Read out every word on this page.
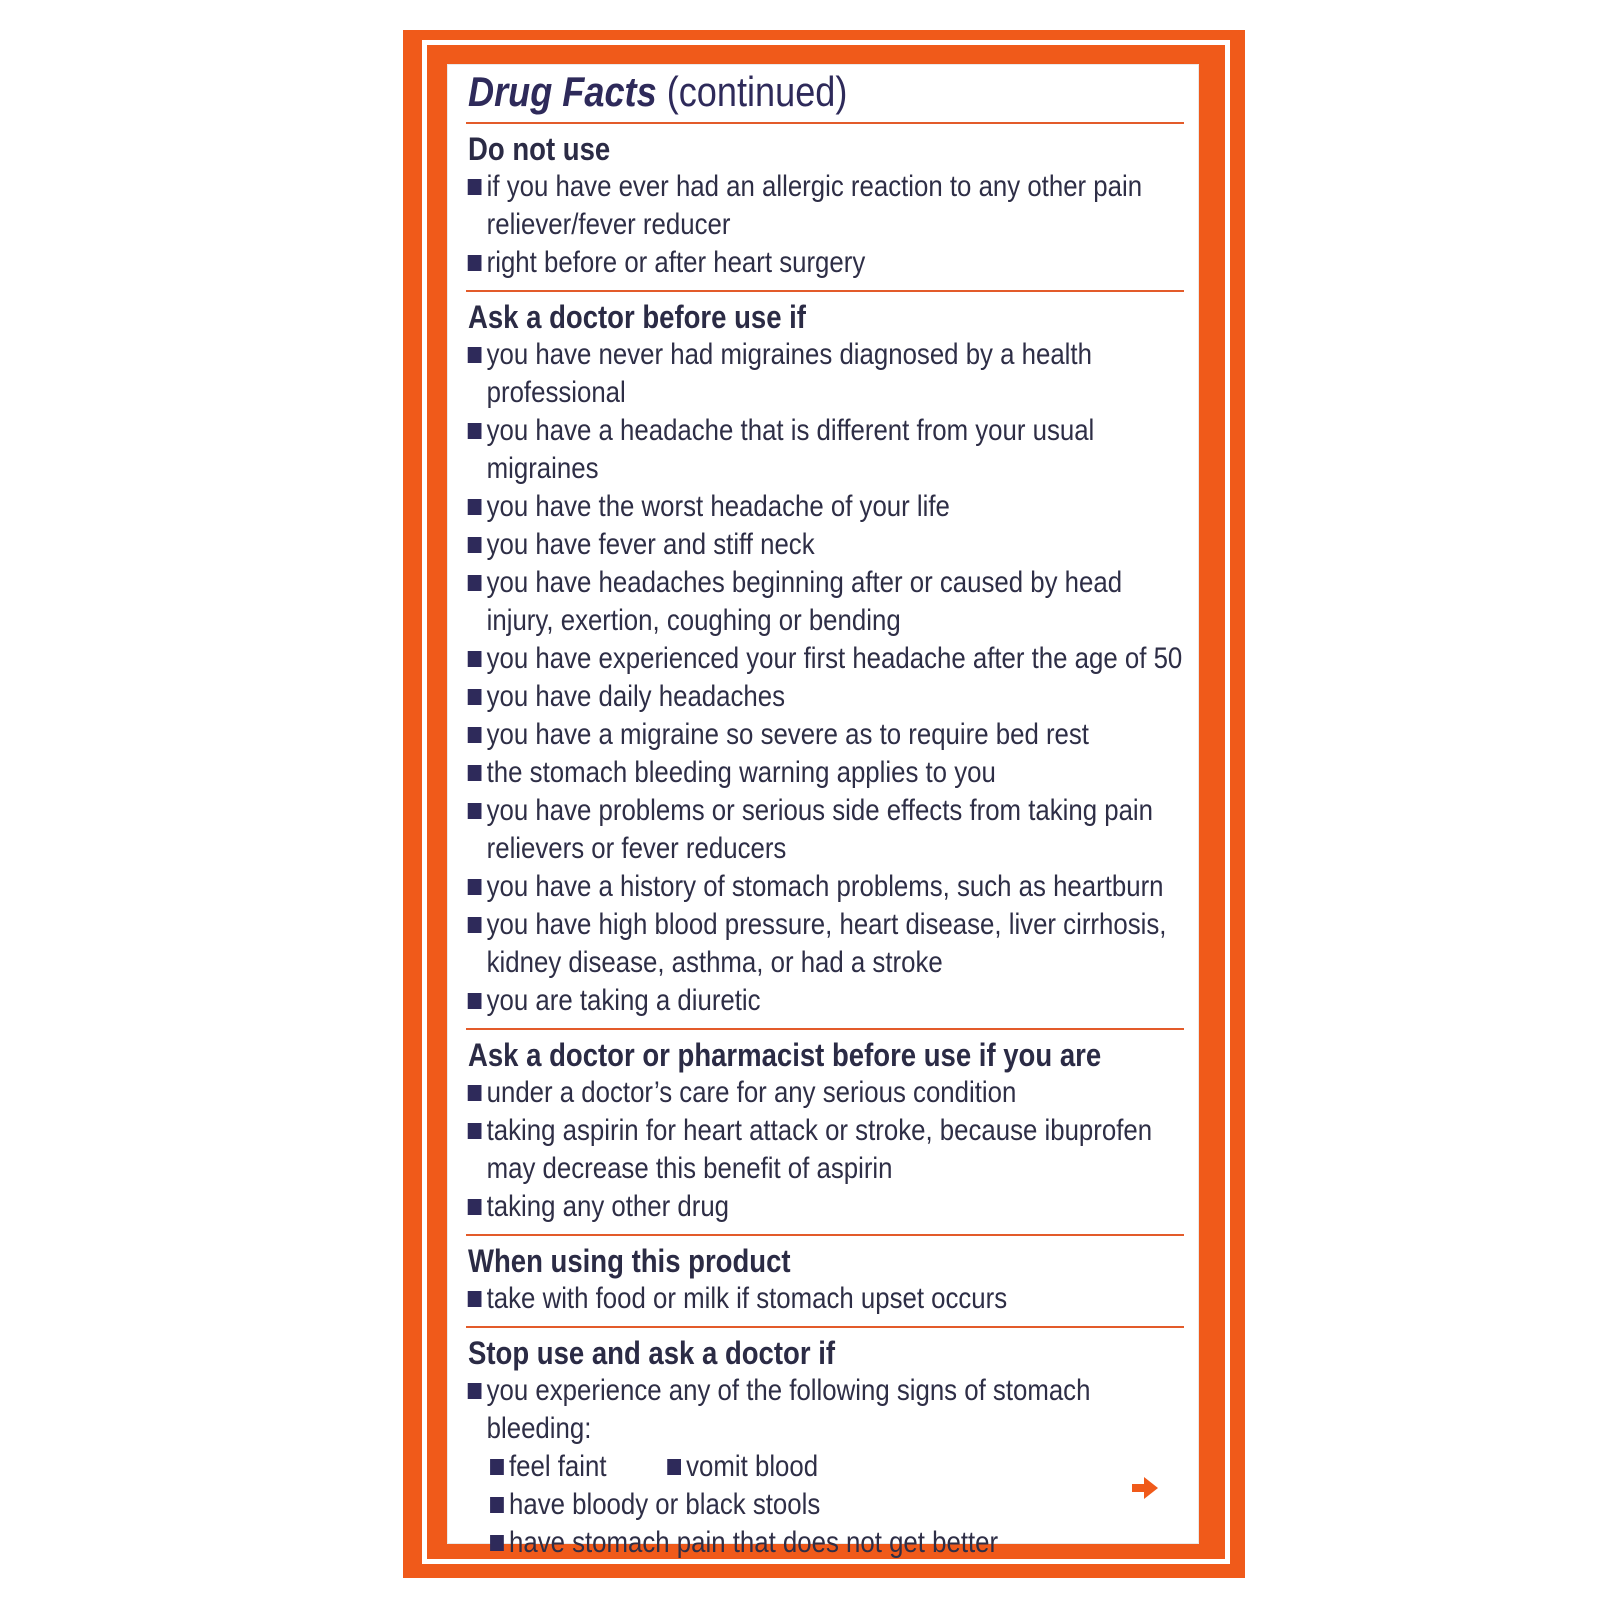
Drug Facts (continued)
Do not use
if you have ever had an allergic reaction to any other pain reliever/fever reducer
right before or after heart surgery
Ask a doctor before use if
you have never had migraines diagnosed by a health professional
you have a headache that is different from your usual migraines
you have the worst headache of your life
you have fever and stiff neck
you have headaches beginning after or caused by head injury, exertion, coughing or bending
you have experienced your first headache after the age of 50
you have daily headaches
you have a migraine so severe as to require bed rest
the stomach bleeding warning applies to you
you have problems or serious side effects from taking pain relievers or fever reducers
you have a history of stomach problems, such as heartburn
you have high blood pressure, heart disease, liver cirrhosis, kidney disease, asthma, or had a stroke
you are taking a diuretic
Ask a doctor or pharmacist before use if you are
under a doctor’s care for any serious condition
taking aspirin for heart attack or stroke, because ibuprofen may decrease this benefit of aspirin
taking any other drug
When using this product
take with food or milk if stomach upset occurs
Stop use and ask a doctor if
you experience any of the following signs of stomach bleeding:
feel faint	vomit blood
have bloody or black stools
have stomach pain that does not get better
